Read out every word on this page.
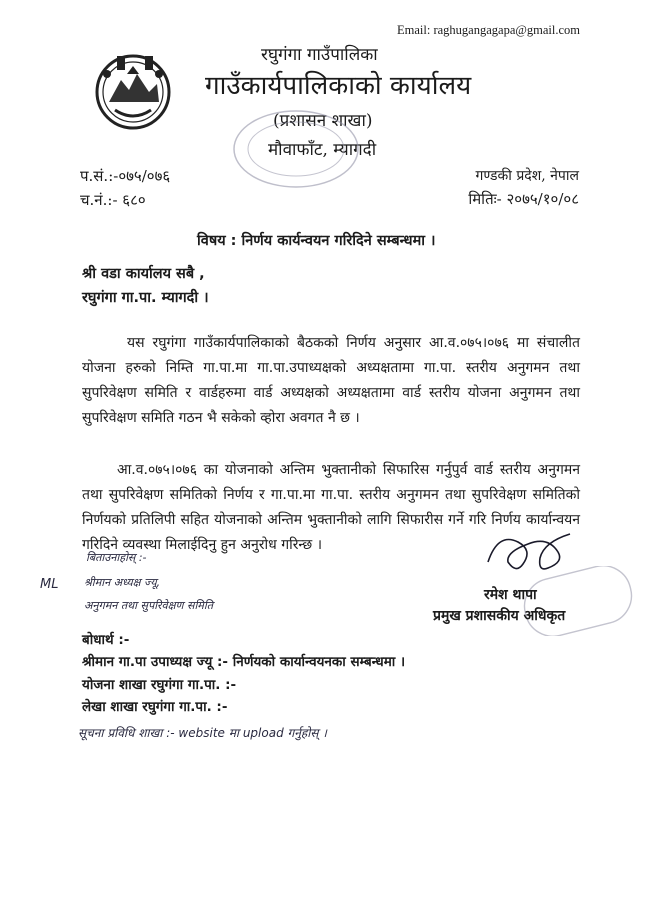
Email: raghugangagapa@gmail.com
रघुगंगा गाउँपालिका
गाउँकार्यपालिकाको कार्यालय
(प्रशासन शाखा)
मौवाफाँट, म्यागदी
प.सं.:-०७५/०७६
च.नं.:- ६८०
गण्डकी प्रदेश, नेपाल
मितिः- २०७५/१०/०८
विषय : निर्णय कार्यन्वयन गरिदिने सम्बन्धमा ।
श्री वडा कार्यालय सबै ,
रघुगंगा गा.पा. म्यागदी ।
यस रघुगंगा गाउँकार्यपालिकाको बैठकको निर्णय अनुसार आ.व.०७५।०७६ मा संचालीत योजना हरुको निम्ति गा.पा.मा गा.पा.उपाध्यक्षको अध्यक्षतामा गा.पा. स्तरीय अनुगमन तथा सुपरिवेक्षण समिति र वार्डहरुमा वार्ड अध्यक्षको अध्यक्षतामा वार्ड स्तरीय योजना अनुगमन तथा सुपरिवेक्षण समिति गठन भै सकेको व्होरा अवगत नै छ ।
आ.व.०७५।०७६ का योजनाको अन्तिम भुक्तानीको सिफारिस गर्नुपुर्व वार्ड स्तरीय अनुगमन तथा सुपरिवेक्षण समितिको निर्णय र गा.पा.मा गा.पा. स्तरीय अनुगमन तथा सुपरिवेक्षण समितिको निर्णयको प्रतिलिपी सहित योजनाको अन्तिम भुक्तानीको लागि सिफारीस गर्ने गरि निर्णय कार्यान्वयन गरिदिने व्यवस्था मिलाईदिनु हुन अनुरोध गरिन्छ ।
रमेश थापा
प्रमुख प्रशासकीय अधिकृत
बिताउनाहोस् :-
ML श्रीमान अध्यक्ष ज्यू,
अनुगमन तथा सुपरिवेक्षण समिति
बोधार्थ :-
श्रीमान गा.पा उपाध्यक्ष ज्यू :- निर्णयको कार्यान्वयनका सम्बन्धमा ।
योजना शाखा रघुगंगा गा.पा. :-
लेखा शाखा रघुगंगा गा.पा. :-
सूचना प्रविधि शाखा :- website मा upload गर्नुहोस् ।
